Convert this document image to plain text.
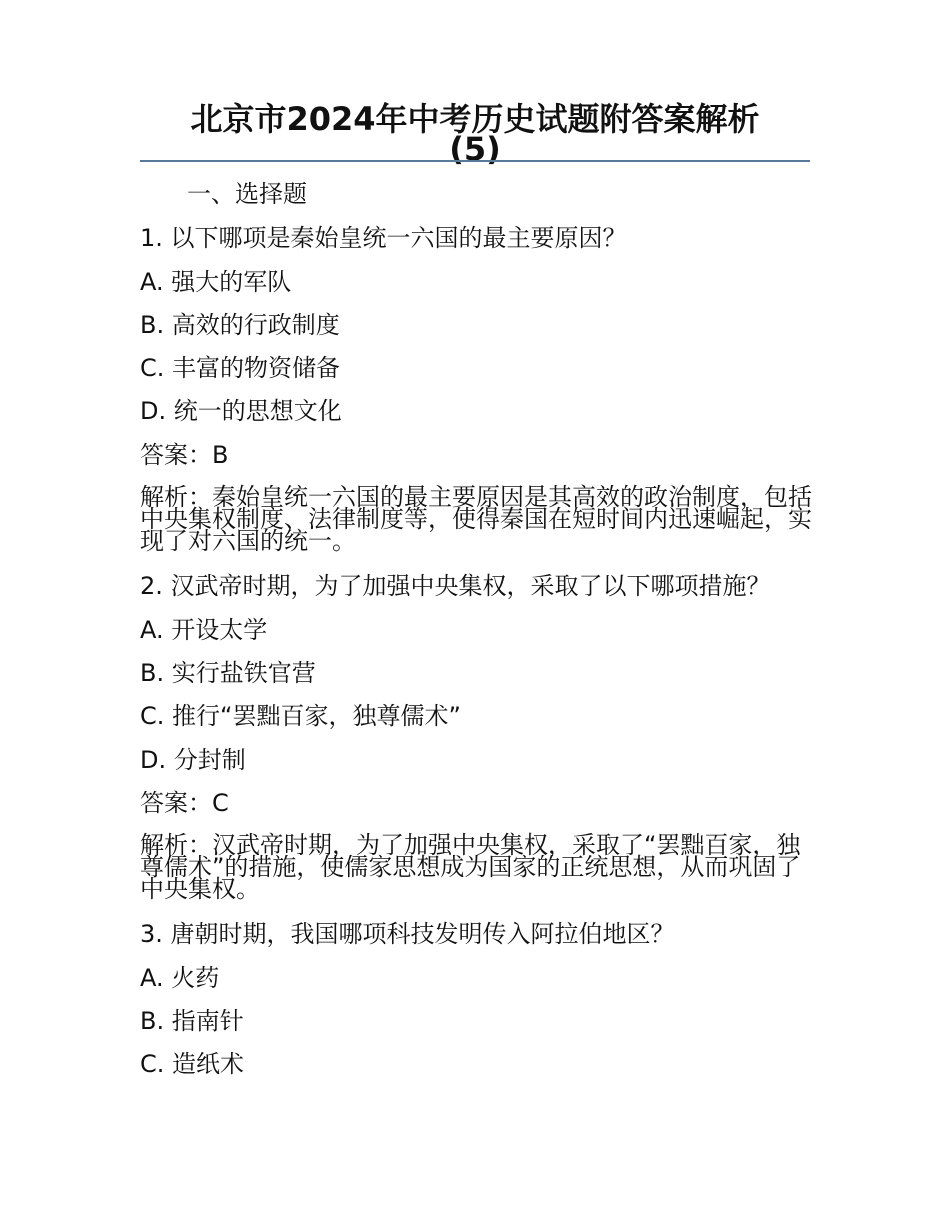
北京市2024年中考历史试题附答案解析
(5)
一、选择题
1. 以下哪项是秦始皇统一六国的最主要原因？
A. 强大的军队
B. 高效的行政制度
C. 丰富的物资储备
D. 统一的思想文化
答案：B
解析：秦始皇统一六国的最主要原因是其高效的政治制度，包括中央集权制度、法律制度等，使得秦国在短时间内迅速崛起，实现了对六国的统一。
2. 汉武帝时期，为了加强中央集权，采取了以下哪项措施？
A. 开设太学
B. 实行盐铁官营
C. 推行“罢黜百家，独尊儒术”
D. 分封制
答案：C
解析：汉武帝时期，为了加强中央集权，采取了“罢黜百家，独尊儒术”的措施，使儒家思想成为国家的正统思想，从而巩固了中央集权。
3. 唐朝时期，我国哪项科技发明传入阿拉伯地区？
A. 火药
B. 指南针
C. 造纸术
